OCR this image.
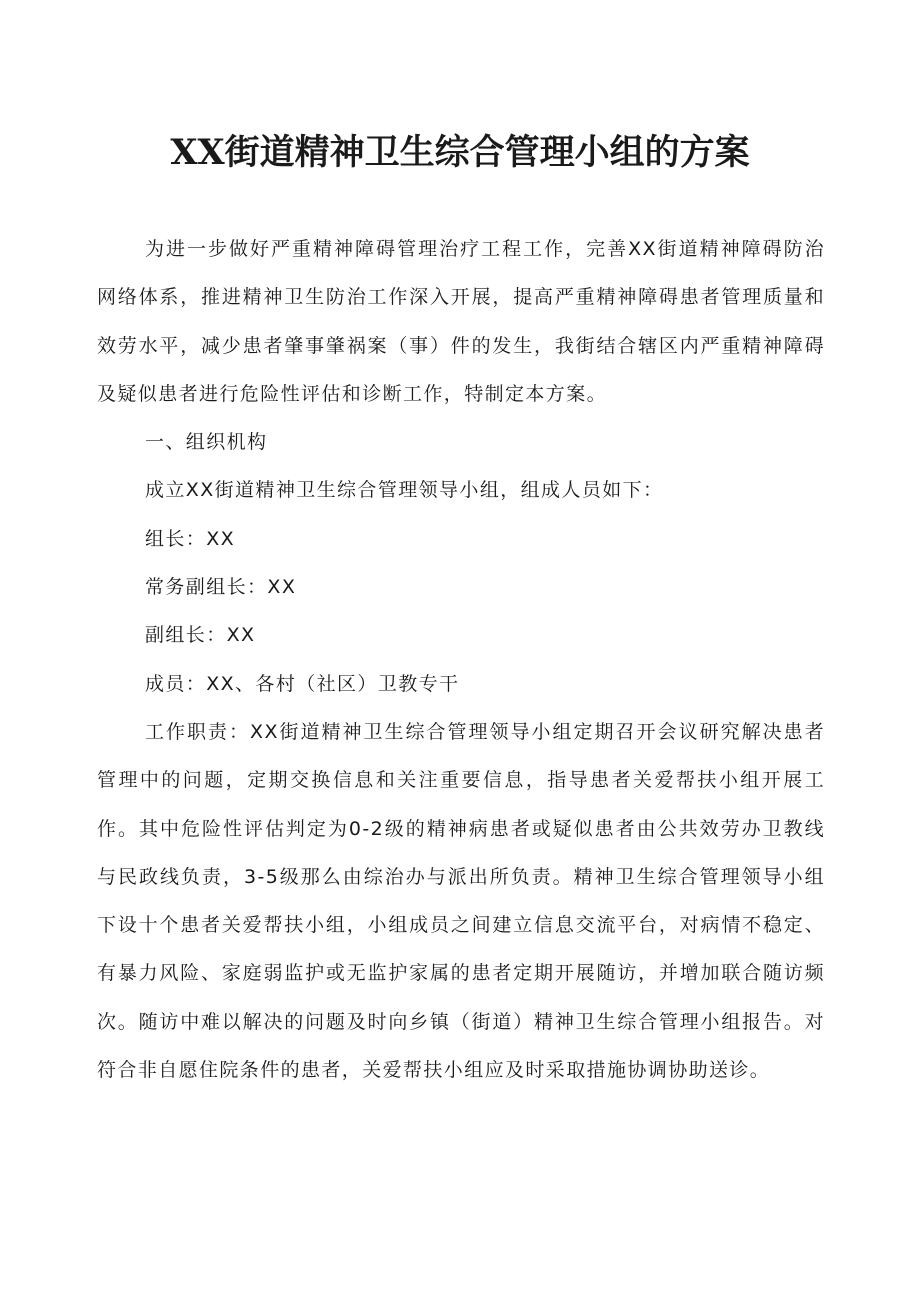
XX街道精神卫生综合管理小组的方案

为进一步做好严重精神障碍管理治疗工程工作，完善XX街道精神障碍防治网络体系，推进精神卫生防治工作深入开展，提高严重精神障碍患者管理质量和效劳水平，减少患者肇事肇祸案（事）件的发生，我街结合辖区内严重精神障碍及疑似患者进行危险性评估和诊断工作，特制定本方案。

一、组织机构

成立XX街道精神卫生综合管理领导小组，组成人员如下：

组长：XX

常务副组长：XX

副组长：XX

成员：XX、各村（社区）卫教专干

工作职责：XX街道精神卫生综合管理领导小组定期召开会议研究解决患者管理中的问题，定期交换信息和关注重要信息，指导患者关爱帮扶小组开展工作。其中危险性评估判定为0-2级的精神病患者或疑似患者由公共效劳办卫教线与民政线负责，3-5级那么由综治办与派出所负责。精神卫生综合管理领导小组下设十个患者关爱帮扶小组，小组成员之间建立信息交流平台，对病情不稳定、有暴力风险、家庭弱监护或无监护家属的患者定期开展随访，并增加联合随访频次。随访中难以解决的问题及时向乡镇（街道）精神卫生综合管理小组报告。对符合非自愿住院条件的患者，关爱帮扶小组应及时采取措施协调协助送诊。
